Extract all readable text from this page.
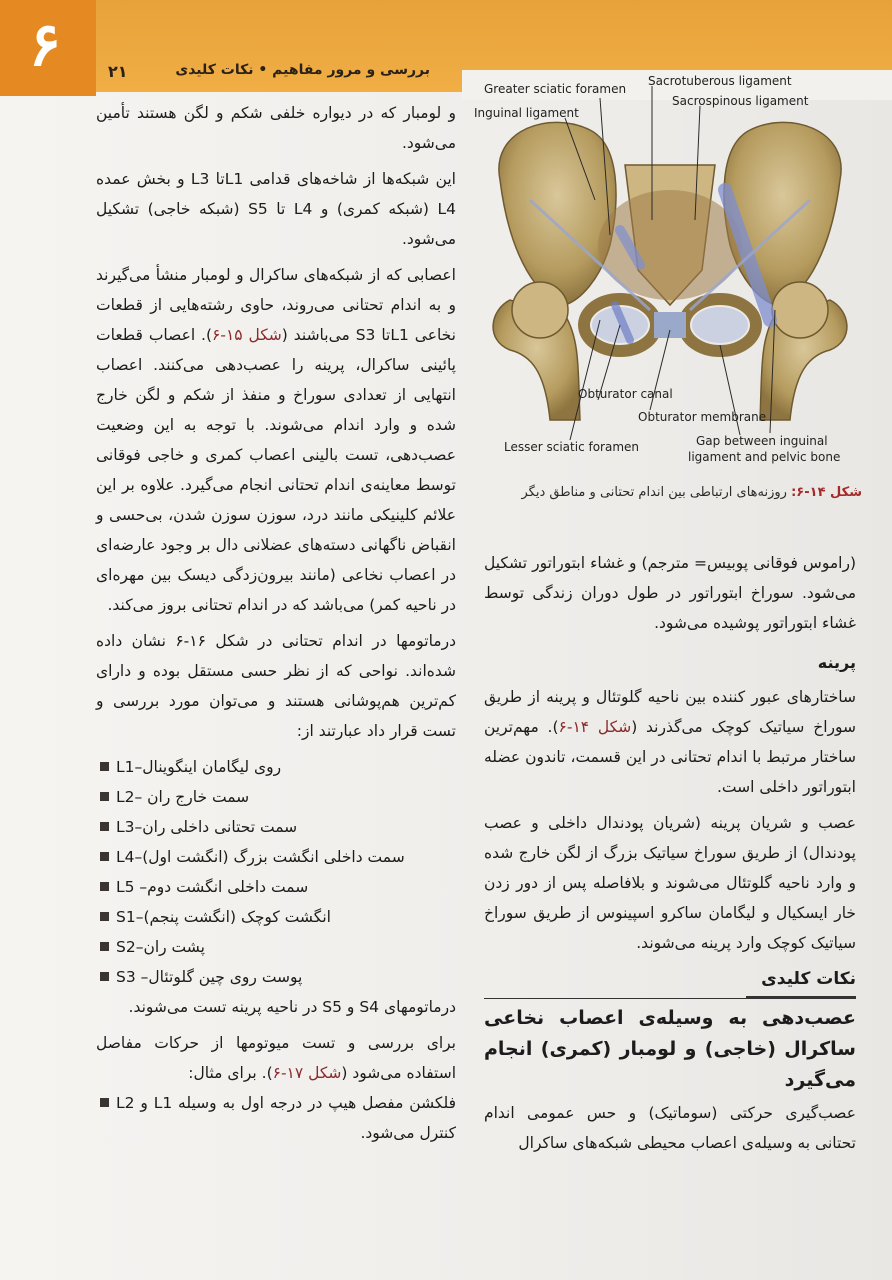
۶	۲۱	بررسی و مرور مفاهیم • نکات کلیدی
Greater sciatic foramen
Sacrotuberous ligament
Sacrospinous ligament
Inguinal ligament
Obturator canal
Obturator membrane
Lesser sciatic foramen	Gap between inguinal
ligament and pelvic bone
شکل ۱۴-۶: روزنه‌های ارتباطی بین اندام تحتانی و مناطق دیگر

و لومبار که در دیواره خلفی شکم و لگن هستند تأمین می‌شود.

این شبکه‌ها از شاخه‌های قدامی L1تا L3 و بخش عمده L4 (شبکه کمری) و L4 تا S5 (شبکه خاجی) تشکیل می‌شود.

اعصابی که از شبکه‌های ساکرال و لومبار منشأ می‌گیرند و به اندام تحتانی می‌روند، حاوی رشته‌هایی از قطعات نخاعی L1تا S3 می‌باشند (شکل ۱۵-۶). اعصاب قطعات پائینی ساکرال، پرینه را عصب‌دهی می‌کنند. اعصاب انتهایی از تعدادی سوراخ و منفذ از شکم و لگن خارج شده و وارد اندام می‌شوند. با توجه به این وضعیت عصب‌دهی، تست بالینی اعصاب کمری و خاجی فوقانی توسط معاینه‌ی اندام تحتانی انجام می‌گیرد. علاوه بر این علائم کلینیکی مانند درد، سوزن سوزن شدن، بی‌حسی و انقباض ناگهانی دسته‌های عضلانی دال بر وجود عارضه‌ای در اعصاب نخاعی (مانند بیرون‌زدگی دیسک بین مهره‌ای در ناحیه کمر) می‌باشد که در اندام تحتانی بروز می‌کند.

درماتومها در اندام تحتانی در شکل ۱۶-۶ نشان داده شده‌اند. نواحی که از نظر حسی مستقل بوده و دارای کم‌ترین هم‌پوشانی هستند و می‌توان مورد بررسی و تست قرار داد عبارتند از:

روی لیگامان اینگوینال–L1
سمت خارج ران –L2
سمت تحتانی داخلی ران–L3
سمت داخلی انگشت بزرگ (انگشت اول)–L4
سمت داخلی انگشت دوم– L5
انگشت کوچک (انگشت پنجم)–S1
پشت ران–S2
پوست روی چین گلوتئال– S3

درماتومهای S4 و S5 در ناحیه پرینه تست می‌شوند.

برای بررسی و تست میوتومها از حرکات مفاصل استفاده می‌شود (شکل ۱۷-۶). برای مثال:

فلکشن مفصل هیپ در درجه اول به وسیله L1 و L2 کنترل می‌شود.

(راموس فوقانی پوبیس= مترجم) و غشاء ابتوراتور تشکیل می‌شود. سوراخ ابتوراتور در طول دوران زندگی توسط غشاء ابتوراتور پوشیده می‌شود.

پرینه

ساختارهای عبور کننده بین ناحیه گلوتئال و پرینه از طریق سوراخ سیاتیک کوچک می‌گذرند (شکل ۱۴-۶). مهم‌ترین ساختار مرتبط با اندام تحتانی در این قسمت، تاندون عضله ابتوراتور داخلی است.

عصب و شریان پرینه (شریان پودندال داخلی و عصب پودندال) از طریق سوراخ سیاتیک بزرگ از لگن خارج شده و وارد ناحیه گلوتئال می‌شوند و بلافاصله پس از دور زدن خار ایسکیال و لیگامان ساکرو اسپینوس از طریق سوراخ سیاتیک کوچک وارد پرینه می‌شوند.

نکات کلیدی
عصب‌دهی به وسیله‌ی اعصاب نخاعی ساکرال (خاجی) و لومبار (کمری) انجام می‌گیرد

عصب‌گیری حرکتی (سوماتیک) و حس عمومی اندام تحتانی به وسیله‌ی اعصاب محیطی شبکه‌های ساکرال
